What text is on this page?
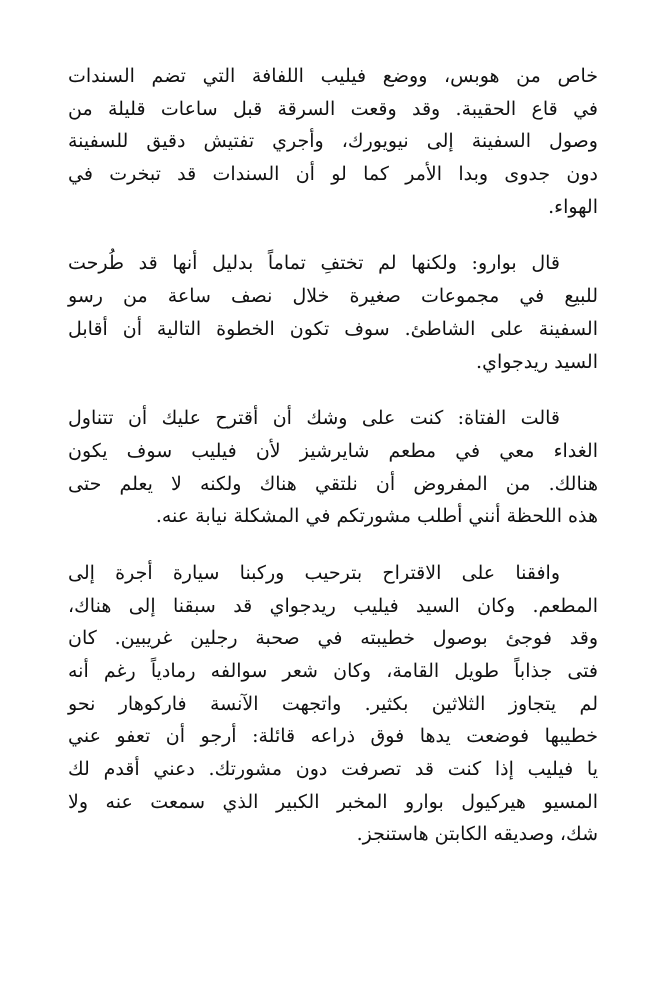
خاص من هوبس، ووضع فيليب اللفافة التي تضم السندات
في قاع الحقيبة. وقد وقعت السرقة قبل ساعات قليلة من
وصول السفينة إلى نيويورك، وأجري تفتيش دقيق للسفينة
دون جدوى وبدا الأمر كما لو أن السندات قد تبخرت في
الهواء.

قال بوارو: ولكنها لم تختفِ تماماً بدليل أنها قد طُرحت
للبيع في مجموعات صغيرة خلال نصف ساعة من رسو
السفينة على الشاطئ. سوف تكون الخطوة التالية أن أقابل
السيد ريدجواي.

قالت الفتاة: كنت على وشك أن أقترح عليك أن تتناول
الغداء معي في مطعم شايرشيز لأن فيليب سوف يكون
هنالك. من المفروض أن نلتقي هناك ولكنه لا يعلم حتى
هذه اللحظة أنني أطلب مشورتكم في المشكلة نيابة عنه.

وافقنا على الاقتراح بترحيب وركبنا سيارة أجرة إلى
المطعم. وكان السيد فيليب ريدجواي قد سبقنا إلى هناك،
وقد فوجئ بوصول خطيبته في صحبة رجلين غريبين. كان
فتى جذاباً طويل القامة، وكان شعر سوالفه رمادياً رغم أنه
لم يتجاوز الثلاثين بكثير. واتجهت الآنسة فاركوهار نحو
خطيبها فوضعت يدها فوق ذراعه قائلة: أرجو أن تعفو عني
يا فيليب إذا كنت قد تصرفت دون مشورتك. دعني أقدم لك
المسيو هيركيول بوارو المخبر الكبير الذي سمعت عنه ولا
شك، وصديقه الكابتن هاستنجز.
